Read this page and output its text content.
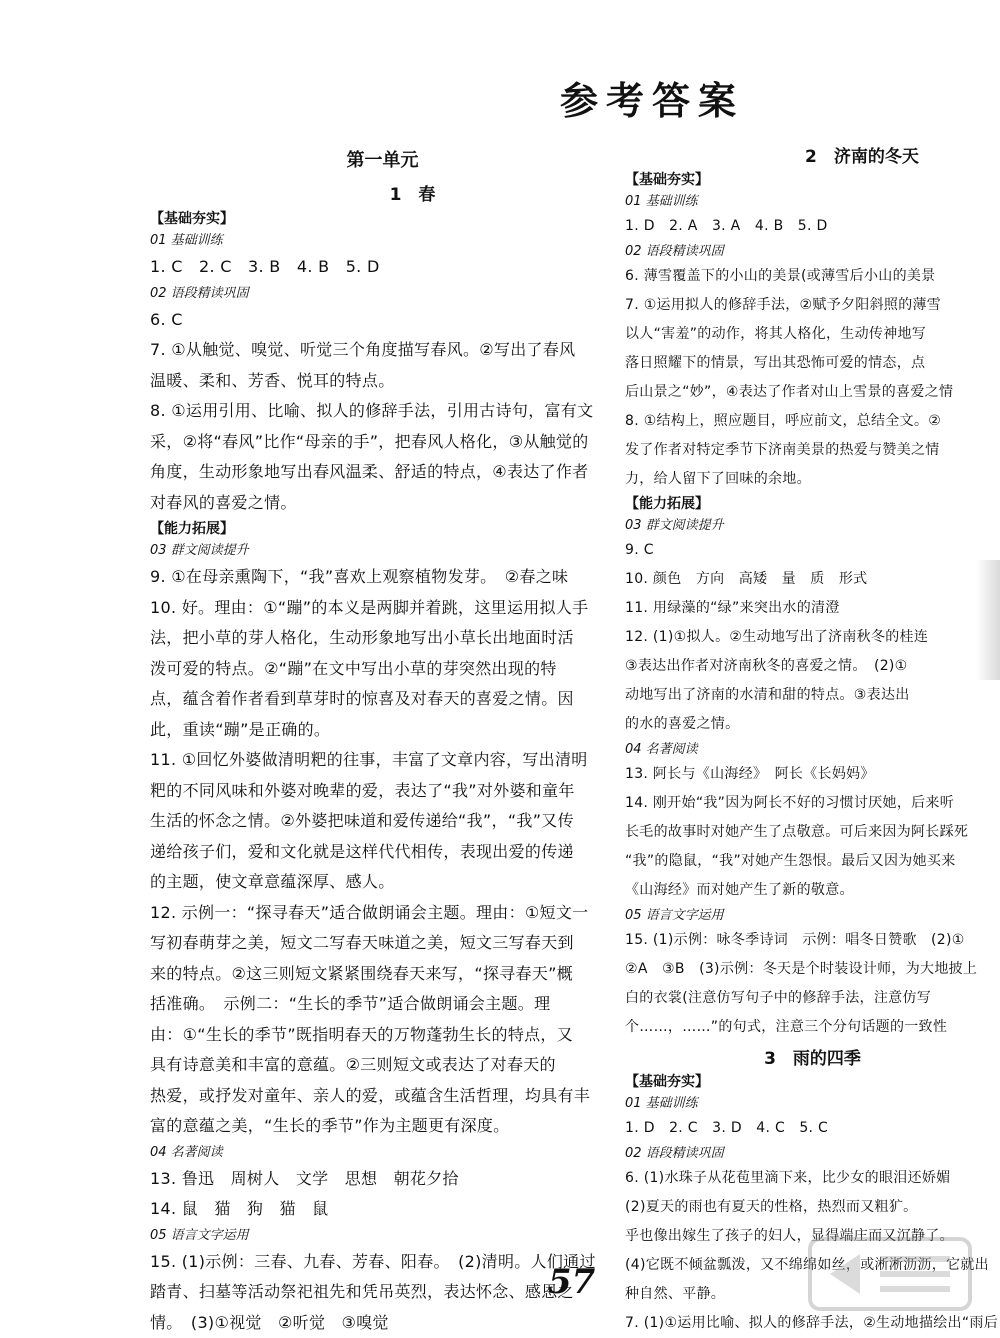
参考答案
第一单元
1　春
【基础夯实】
01 基础训练
1. C　2. C　3. B　4. B　5. D
02 语段精读巩固
6. C
7. ①从触觉、嗅觉、听觉三个角度描写春风。②写出了春风
温暖、柔和、芳香、悦耳的特点。
8. ①运用引用、比喻、拟人的修辞手法，引用古诗句，富有文
采，②将“春风”比作“母亲的手”，把春风人格化，③从触觉的
角度，生动形象地写出春风温柔、舒适的特点，④表达了作者
对春风的喜爱之情。
【能力拓展】
03 群文阅读提升
9. ①在母亲熏陶下，“我”喜欢上观察植物发芽。　②春之味
10. 好。理由：①“蹦”的本义是两脚并着跳，这里运用拟人手
法，把小草的芽人格化，生动形象地写出小草长出地面时活
泼可爱的特点。②“蹦”在文中写出小草的芽突然出现的特
点，蕴含着作者看到草芽时的惊喜及对春天的喜爱之情。因
此，重读“蹦”是正确的。
11. ①回忆外婆做清明粑的往事，丰富了文章内容，写出清明
粑的不同风味和外婆对晚辈的爱，表达了“我”对外婆和童年
生活的怀念之情。②外婆把味道和爱传递给“我”，“我”又传
递给孩子们，爱和文化就是这样代代相传，表现出爱的传递
的主题，使文章意蕴深厚、感人。
12. 示例一：“探寻春天”适合做朗诵会主题。理由：①短文一
写初春萌芽之美，短文二写春天味道之美，短文三写春天到
来的特点。②这三则短文紧紧围绕春天来写，“探寻春天”概
括准确。　示例二：“生长的季节”适合做朗诵会主题。理
由：①“生长的季节”既指明春天的万物蓬勃生长的特点，又
具有诗意美和丰富的意蕴。②三则短文或表达了对春天的
热爱，或抒发对童年、亲人的爱，或蕴含生活哲理，均具有丰
富的意蕴之美，“生长的季节”作为主题更有深度。
04 名著阅读
13. 鲁迅　周树人　文学　思想　朝花夕拾
14. 鼠　猫　狗　猫　鼠
05 语言文字运用
15. (1)示例：三春、九春、芳春、阳春。　(2)清明。人们通过
踏青、扫墓等活动祭祀祖先和凭吊英烈，表达怀念、感恩之
情。　(3)①视觉　②听觉　③嗅觉
2　济南的冬天
【基础夯实】
01 基础训练
1. D　2. A　3. A　4. B　5. D
02 语段精读巩固
6. 薄雪覆盖下的小山的美景(或薄雪后小山的美景
7. ①运用拟人的修辞手法，②赋予夕阳斜照的薄雪
以人“害羞”的动作，将其人格化，生动传神地写
落日照耀下的情景，写出其恐怖可爱的情态，点
后山景之“妙”，④表达了作者对山上雪景的喜爱之情
8. ①结构上，照应题目，呼应前文，总结全文。②
发了作者对特定季节下济南美景的热爱与赞美之情
力，给人留下了回味的余地。
【能力拓展】
03 群文阅读提升
9. C
10. 颜色　方向　高矮　量　质　形式
11. 用绿藻的“绿”来突出水的清澄
12. (1)①拟人。②生动地写出了济南秋冬的桂连
③表达出作者对济南秋冬的喜爱之情。　(2)①
动地写出了济南的水清和甜的特点。③表达出
的水的喜爱之情。
04 名著阅读
13. 阿长与《山海经》　阿长《长妈妈》
14. 刚开始“我”因为阿长不好的习惯讨厌她，后来听
长毛的故事时对她产生了点敬意。可后来因为阿长踩死
“我”的隐鼠，“我”对她产生怨恨。最后又因为她买来
《山海经》而对她产生了新的敬意。
05 语言文字运用
15. (1)示例：咏冬季诗词　示例：唱冬日赞歌　(2)①
②A　③B　(3)示例：冬天是个时装设计师，为大地披上
白的衣裳(注意仿写句子中的修辞手法，注意仿写
个……，……”的句式，注意三个分句话题的一致性
3　雨的四季
【基础夯实】
01 基础训练
1. D　2. C　3. D　4. C　5. C
02 语段精读巩固
6. (1)水珠子从花苞里滴下来，比少女的眼泪还娇媚
(2)夏天的雨也有夏天的性格，热烈而又粗犷。
乎也像出嫁生了孩子的妇人，显得端庄而又沉静了。
(4)它既不倾盆瓢泼，又不绵绵如丝，或淅淅沥沥，它就出
种自然、平静。
7. (1)①运用比喻、拟人的修辞手法，②生动地描绘出“雨后
57
